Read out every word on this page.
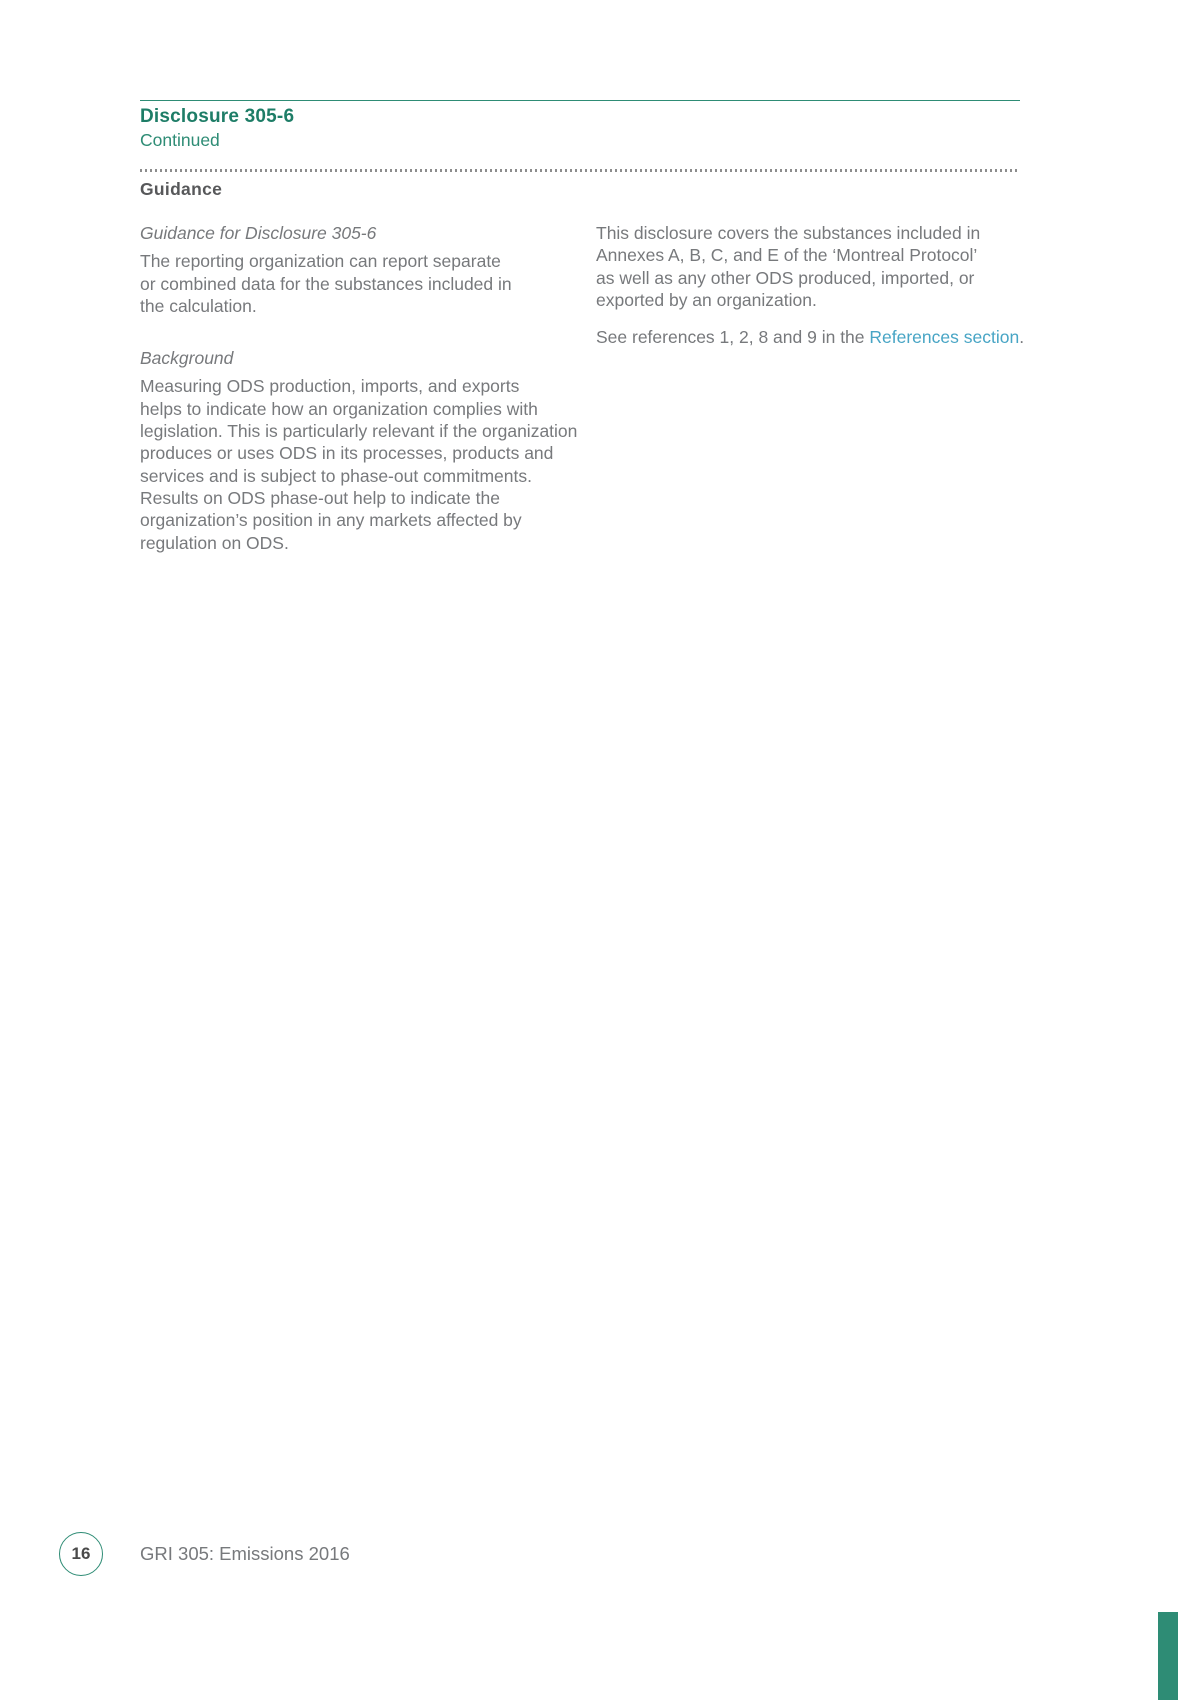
Disclosure 305-6
Continued
Guidance
Guidance for Disclosure 305-6
The reporting organization can report separate
or combined data for the substances included in
the calculation.
Background
Measuring ODS production, imports, and exports
helps to indicate how an organization complies with
legislation. This is particularly relevant if the organization
produces or uses ODS in its processes, products and
services and is subject to phase-out commitments.
Results on ODS phase-out help to indicate the
organization’s position in any markets affected by
regulation on ODS.
This disclosure covers the substances included in
Annexes A, B, C, and E of the ‘Montreal Protocol’
as well as any other ODS produced, imported, or
exported by an organization.
See references 1, 2, 8 and 9 in the References section.
16	GRI 305: Emissions 2016
